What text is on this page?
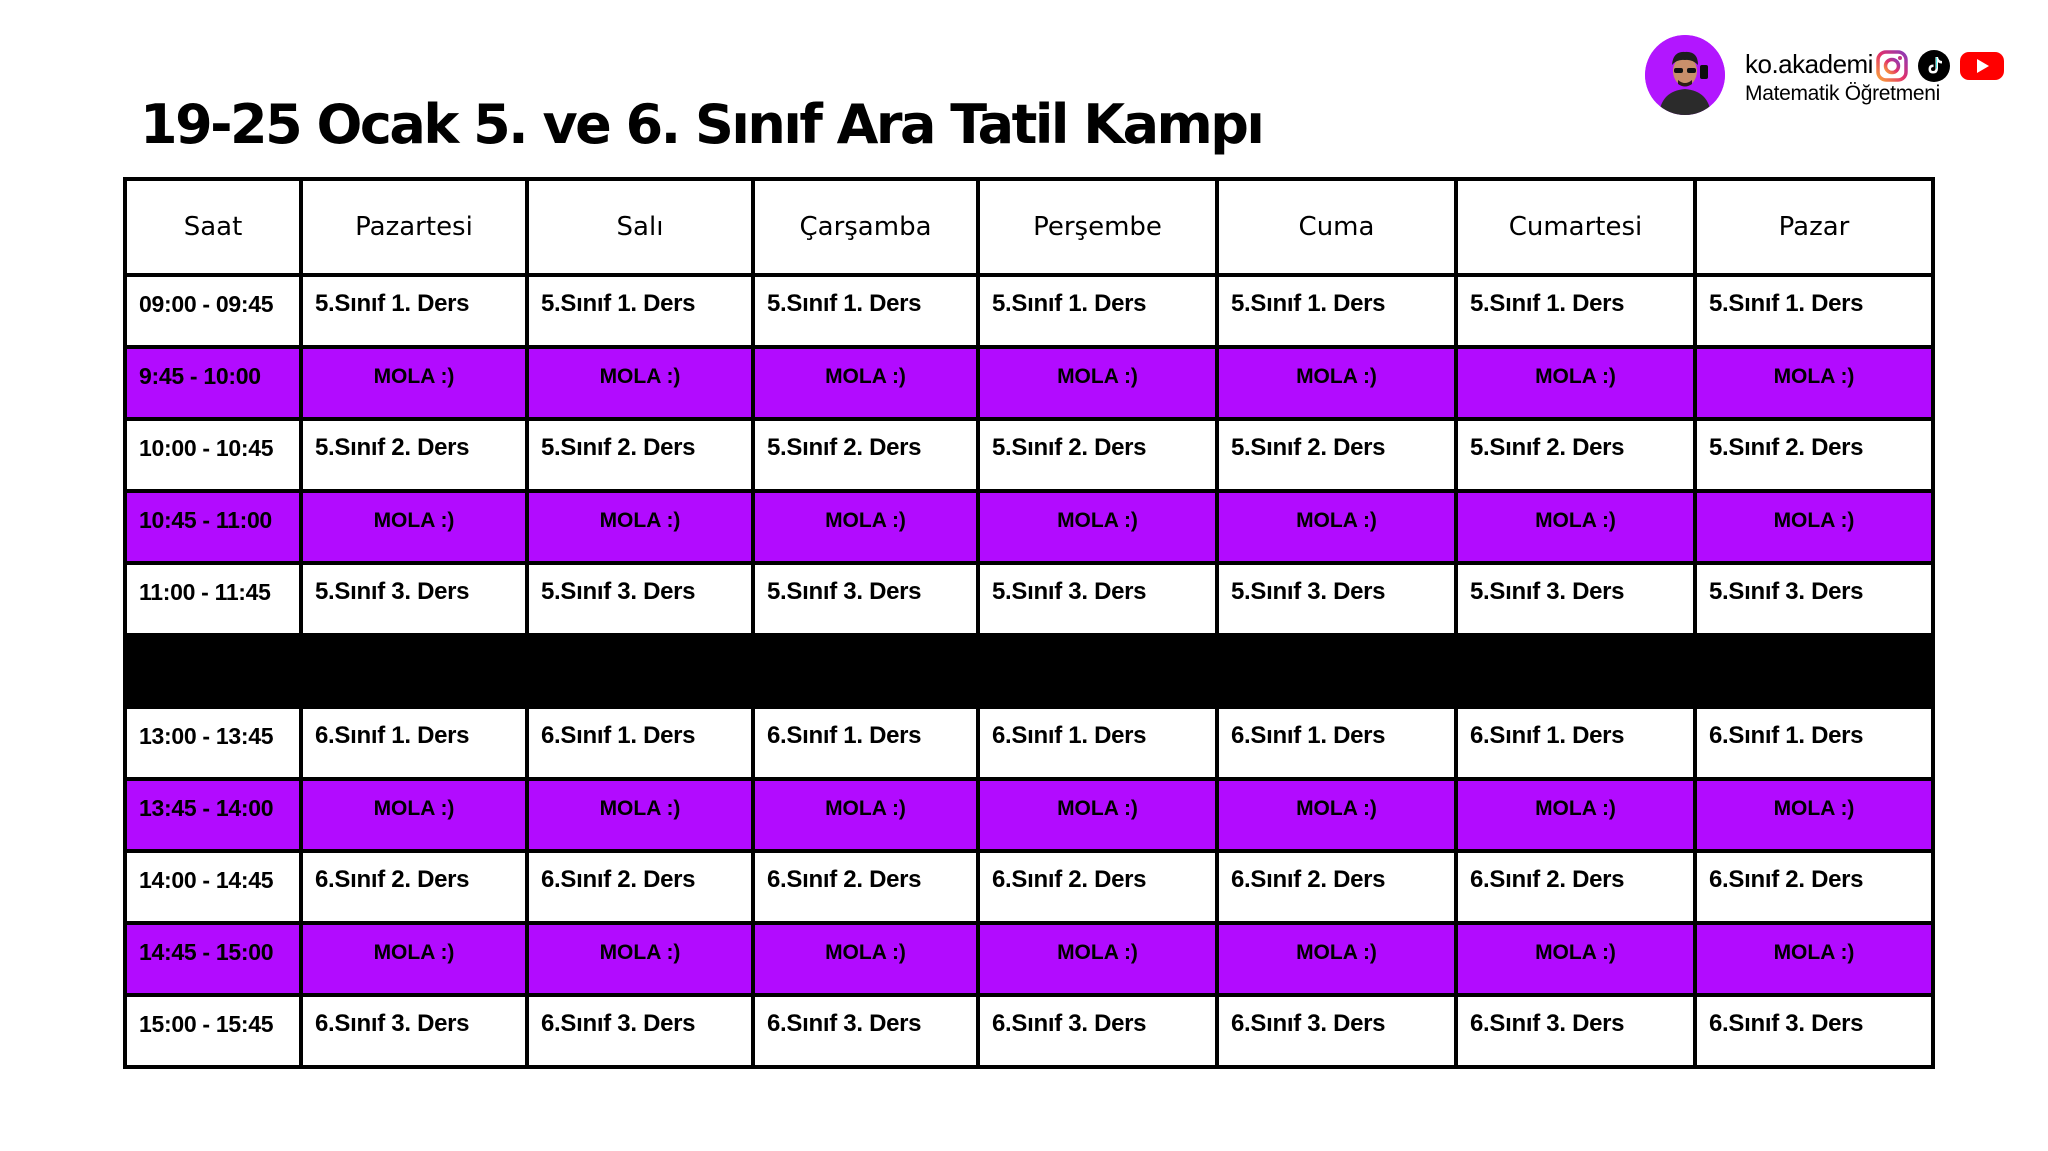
19-25 Ocak 5. ve 6. Sınıf Ara Tatil Kampı
ko.akademi
Matematik Öğretmeni
Saat	Pazartesi	Salı	Çarşamba	Perşembe	Cuma	Cumartesi	Pazar
09:00 - 09:45	5.Sınıf 1. Ders	5.Sınıf 1. Ders	5.Sınıf 1. Ders	5.Sınıf 1. Ders	5.Sınıf 1. Ders	5.Sınıf 1. Ders	5.Sınıf 1. Ders
9:45 - 10:00	MOLA :)	MOLA :)	MOLA :)	MOLA :)	MOLA :)	MOLA :)	MOLA :)
10:00 - 10:45	5.Sınıf 2. Ders	5.Sınıf 2. Ders	5.Sınıf 2. Ders	5.Sınıf 2. Ders	5.Sınıf 2. Ders	5.Sınıf 2. Ders	5.Sınıf 2. Ders
10:45 - 11:00	MOLA :)	MOLA :)	MOLA :)	MOLA :)	MOLA :)	MOLA :)	MOLA :)
11:00 - 11:45	5.Sınıf 3. Ders	5.Sınıf 3. Ders	5.Sınıf 3. Ders	5.Sınıf 3. Ders	5.Sınıf 3. Ders	5.Sınıf 3. Ders	5.Sınıf 3. Ders

13:00 - 13:45	6.Sınıf 1. Ders	6.Sınıf 1. Ders	6.Sınıf 1. Ders	6.Sınıf 1. Ders	6.Sınıf 1. Ders	6.Sınıf 1. Ders	6.Sınıf 1. Ders
13:45 - 14:00	MOLA :)	MOLA :)	MOLA :)	MOLA :)	MOLA :)	MOLA :)	MOLA :)
14:00 - 14:45	6.Sınıf 2. Ders	6.Sınıf 2. Ders	6.Sınıf 2. Ders	6.Sınıf 2. Ders	6.Sınıf 2. Ders	6.Sınıf 2. Ders	6.Sınıf 2. Ders
14:45 - 15:00	MOLA :)	MOLA :)	MOLA :)	MOLA :)	MOLA :)	MOLA :)	MOLA :)
15:00 - 15:45	6.Sınıf 3. Ders	6.Sınıf 3. Ders	6.Sınıf 3. Ders	6.Sınıf 3. Ders	6.Sınıf 3. Ders	6.Sınıf 3. Ders	6.Sınıf 3. Ders
